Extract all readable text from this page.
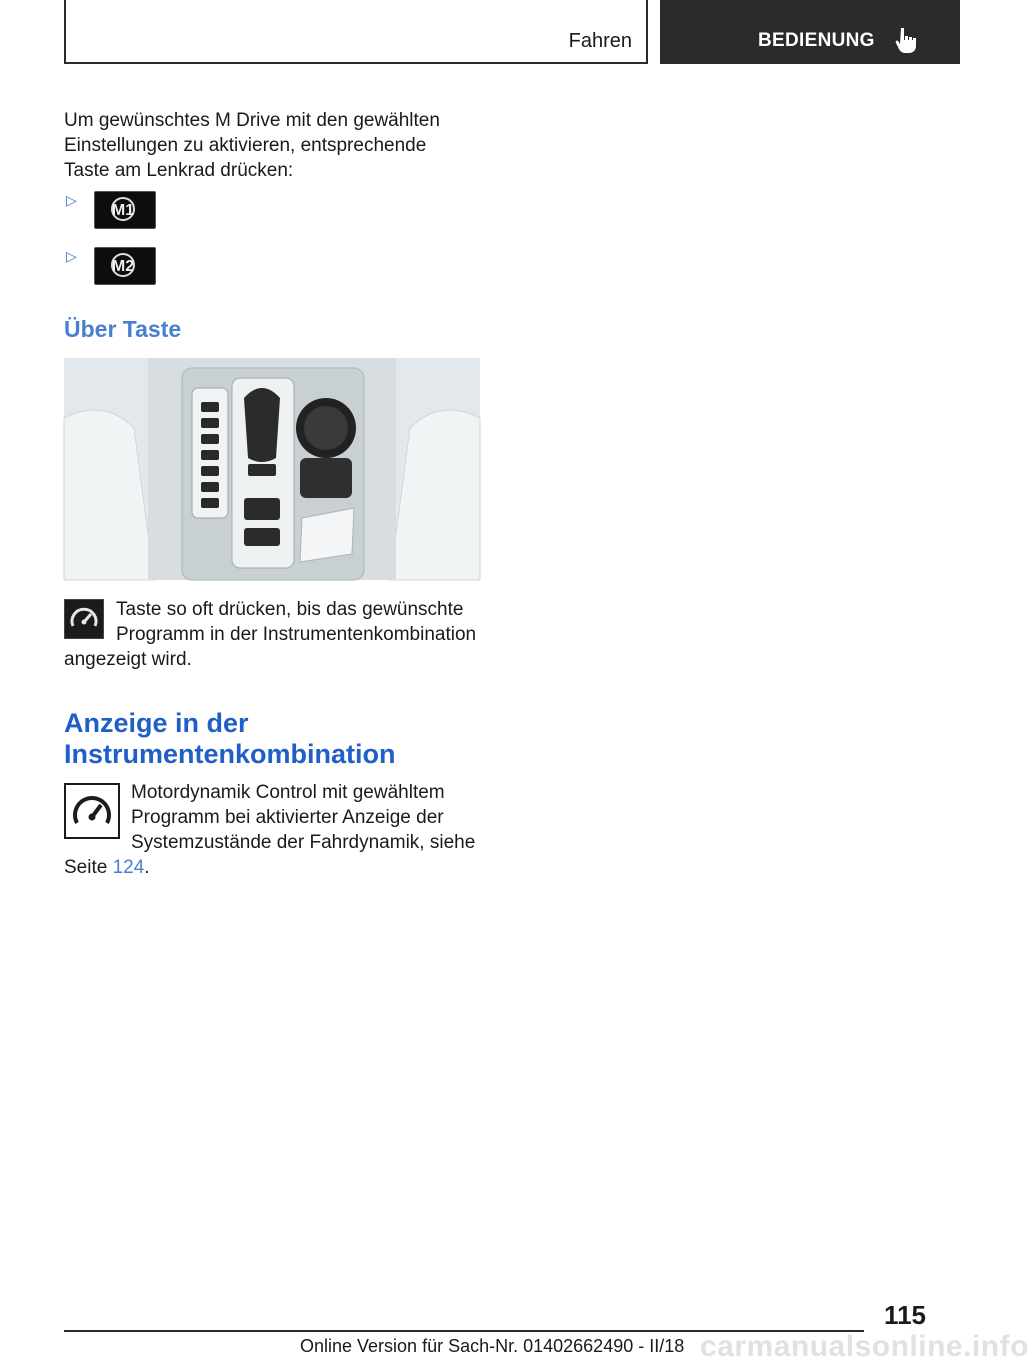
Fahren	BEDIENUNG
Um gewünschtes M Drive mit den gewählten
Einstellungen zu aktivieren, entsprechende
Taste am Lenkrad drücken:
▷
M1
▷
M2
Über Taste
Taste so oft drücken, bis das gewünschte
Programm in der Instrumentenkombination
angezeigt wird.
Anzeige in der Instrumentenkombination
Motordynamik Control mit gewähltem
Programm bei aktivierter Anzeige der
Systemzustände der Fahrdynamik, siehe
Seite 124.
115
Online Version für Sach-Nr. 01402662490 - II/18 carmanualsonline.info
